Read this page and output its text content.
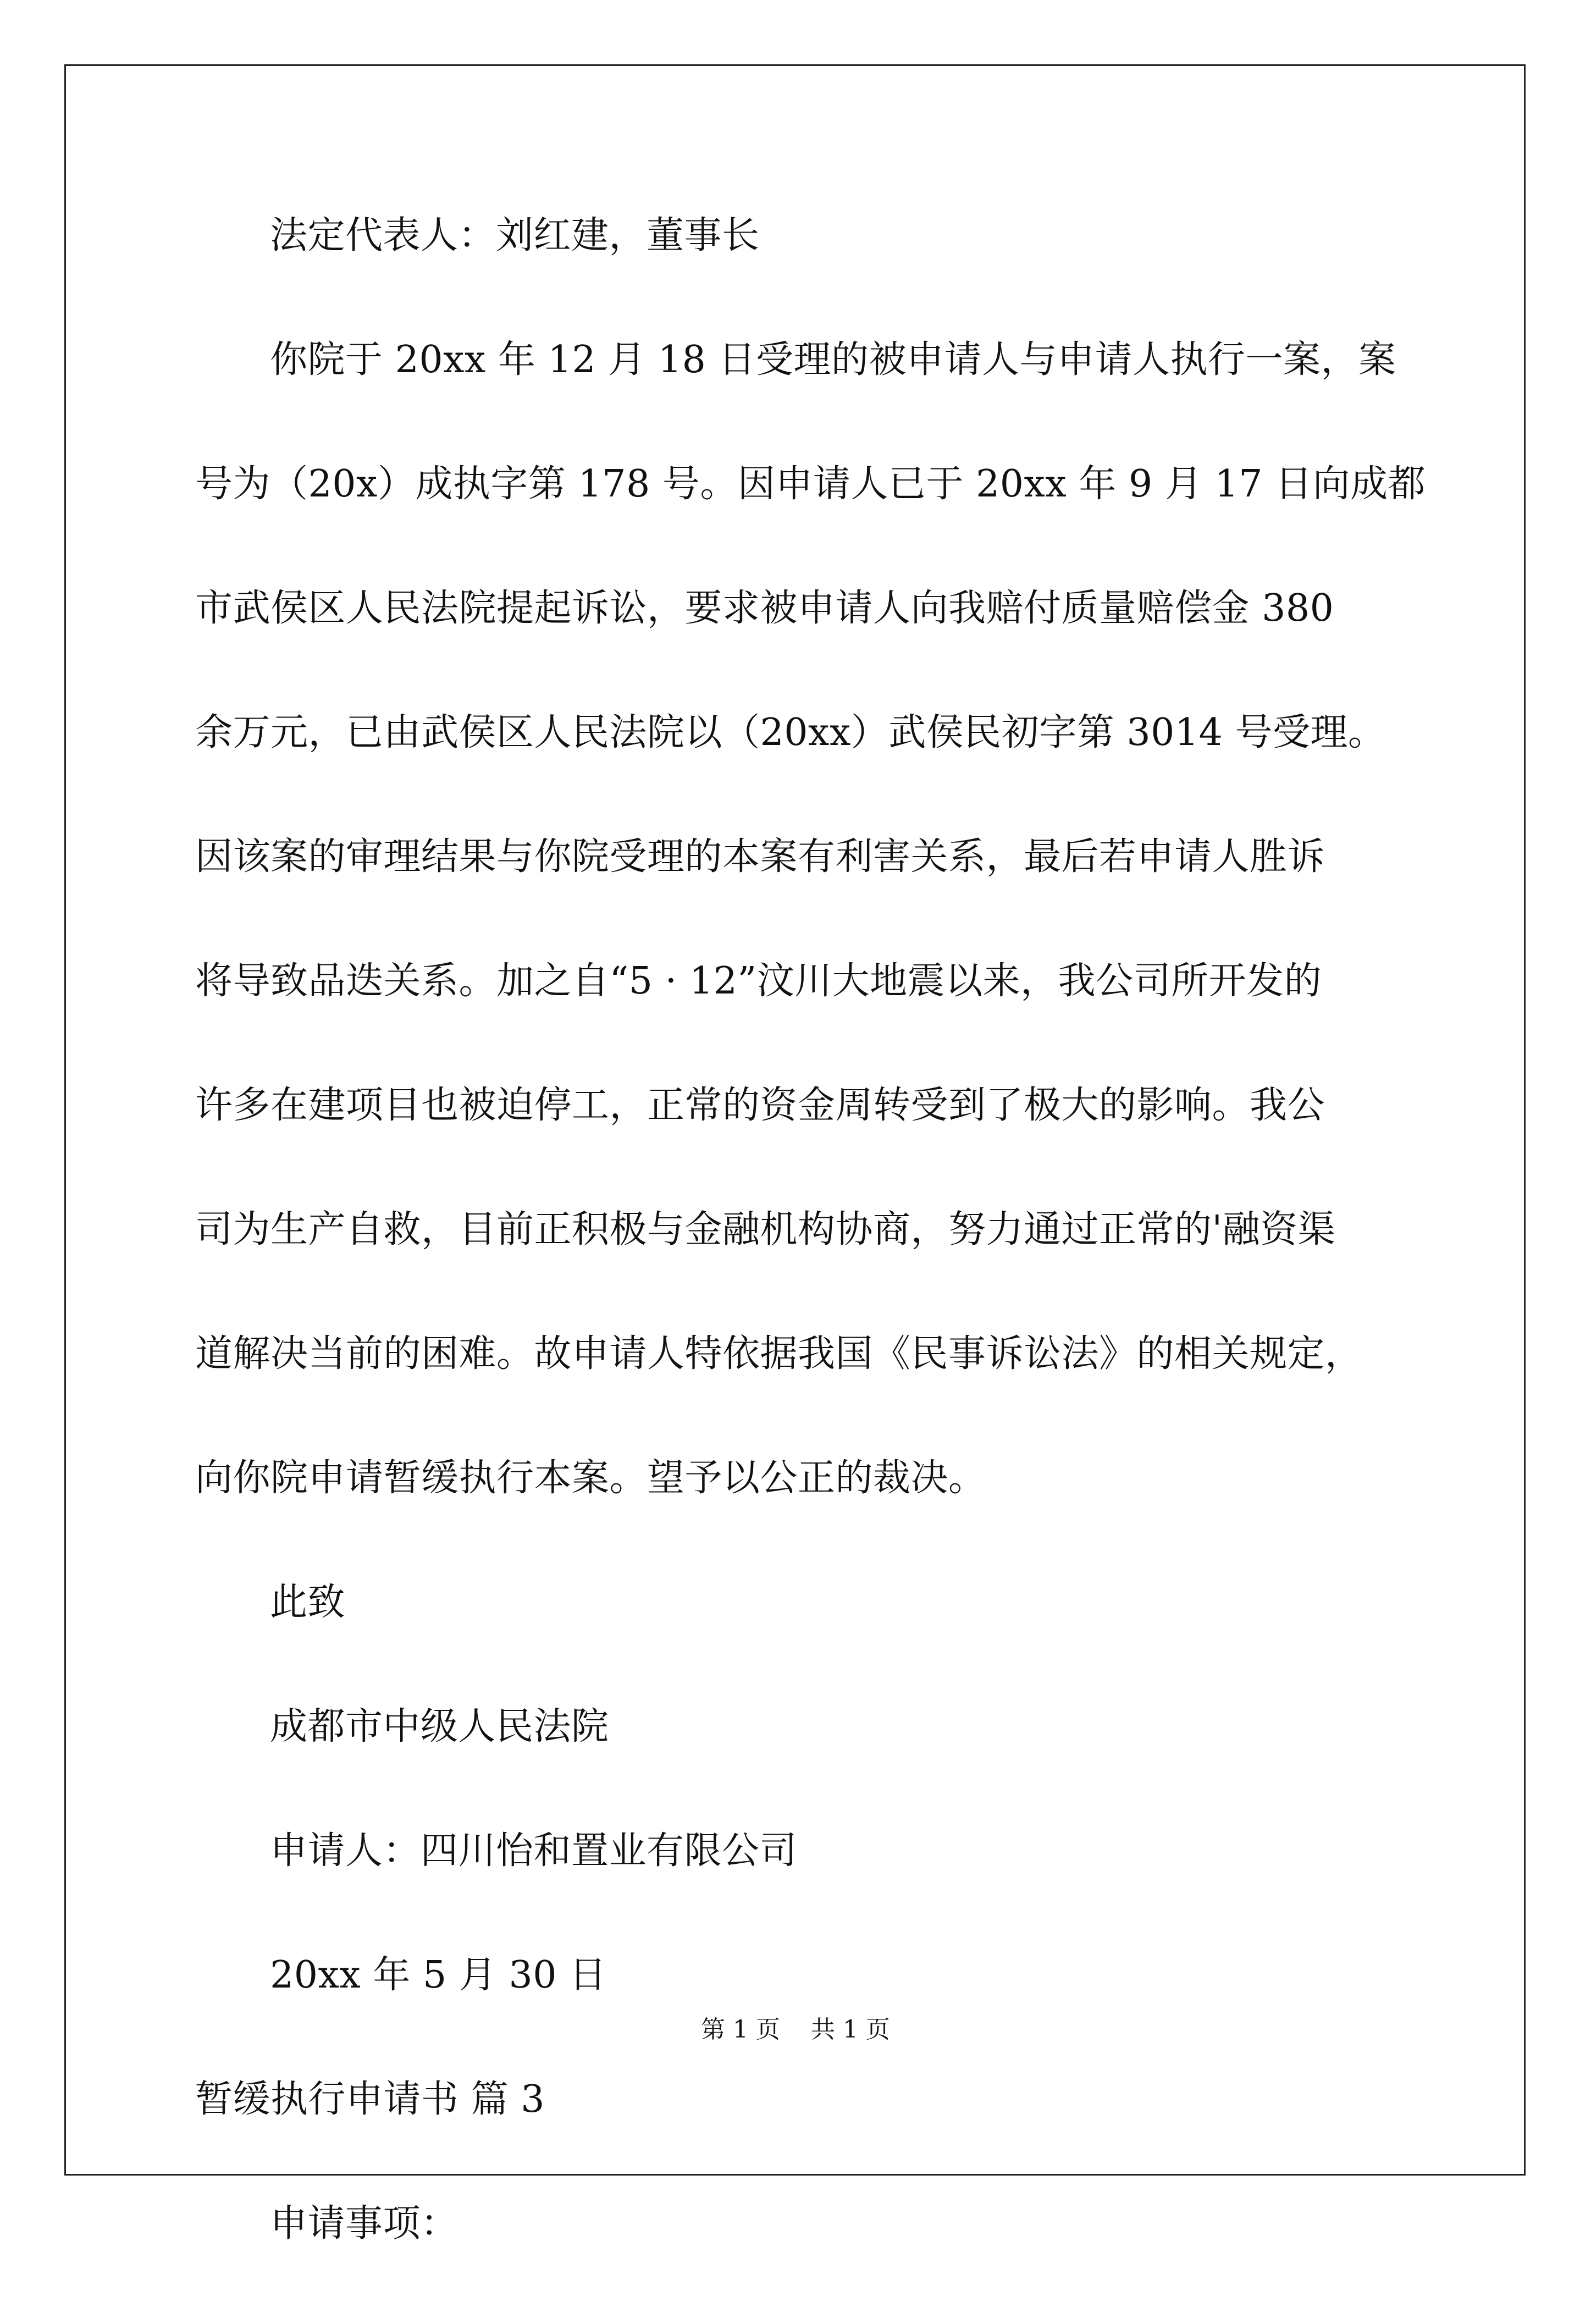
法定代表人：刘红建，董事长

你院于 20xx 年 12 月 18 日受理的被申请人与申请人执行一案，案

号为（20x）成执字第 178 号。因申请人已于 20xx 年 9 月 17 日向成都

市武侯区人民法院提起诉讼，要求被申请人向我赔付质量赔偿金 380

余万元，已由武侯区人民法院以（20xx）武侯民初字第 3014 号受理。

因该案的审理结果与你院受理的本案有利害关系，最后若申请人胜诉

将导致品迭关系。加之自“5 · 12”汶川大地震以来，我公司所开发的

许多在建项目也被迫停工，正常的资金周转受到了极大的影响。我公

司为生产自救，目前正积极与金融机构协商，努力通过正常的'融资渠

道解决当前的困难。故申请人特依据我国《民事诉讼法》的相关规定，

向你院申请暂缓执行本案。望予以公正的裁决。

此致

成都市中级人民法院

申请人：四川怡和置业有限公司

20xx 年 5 月 30 日

暂缓执行申请书 篇 3

申请事项：

第 1 页    共 1 页
